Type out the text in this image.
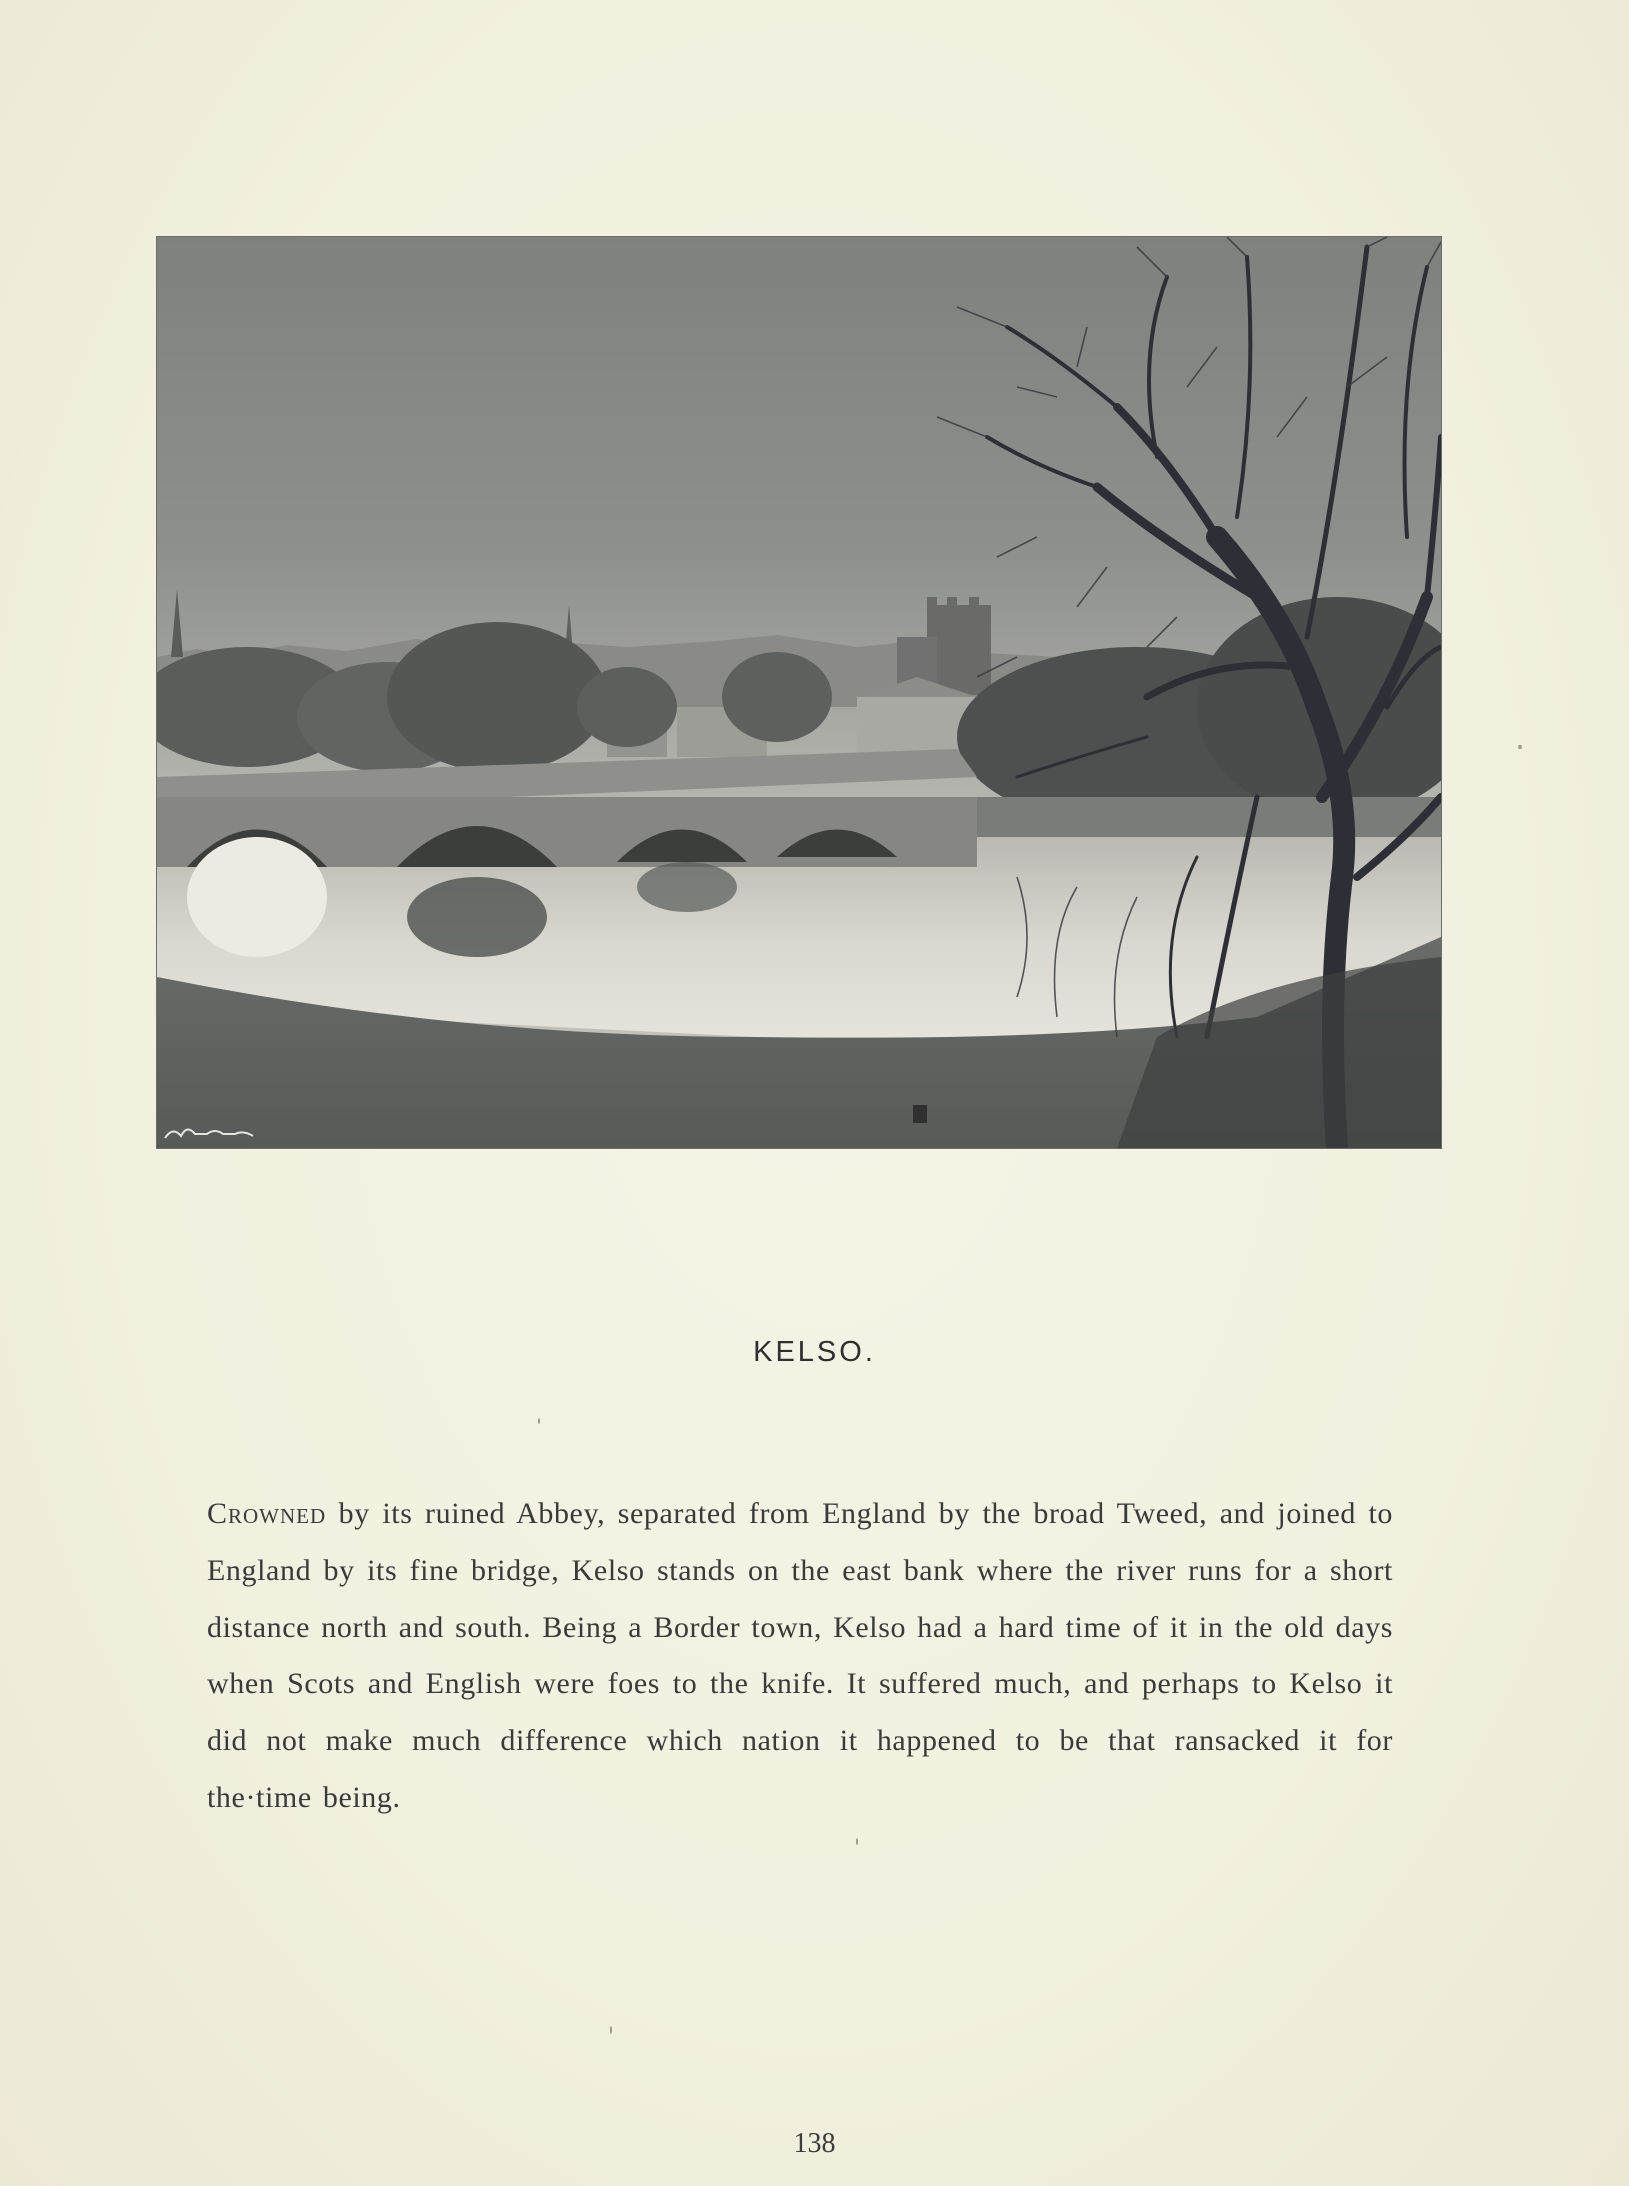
KELSO.
Crowned by its ruined Abbey, separated from England by the broad Tweed, and joined to England by its fine bridge, Kelso stands on the east bank where the river runs for a short distance north and south. Being a Border town, Kelso had a hard time of it in the old days when Scots and English were foes to the knife. It suffered much, and perhaps to Kelso it did not make much difference which nation it happened to be that ransacked it for the·time being.
138
